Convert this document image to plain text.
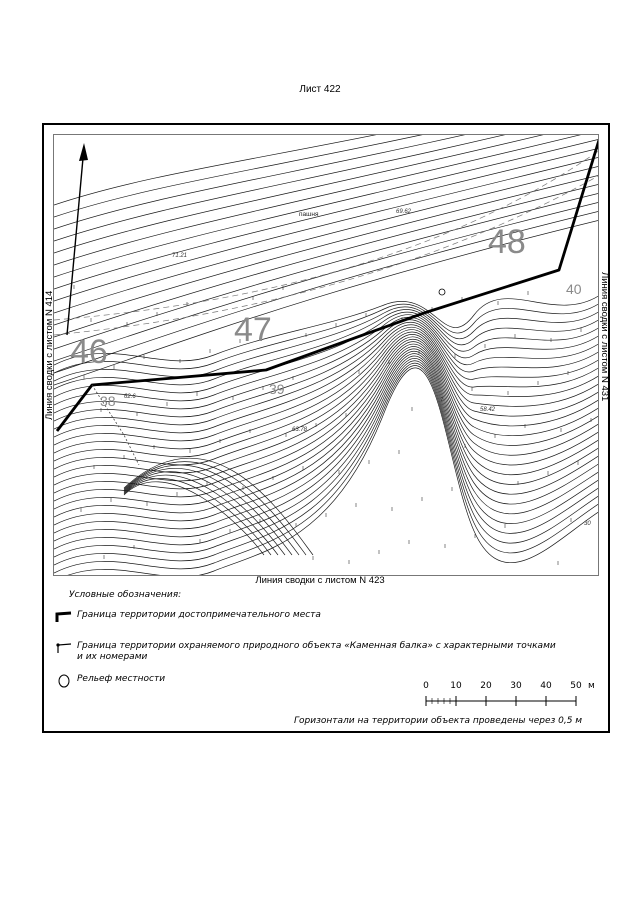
Лист 422
пашня
71.21
69.62
62.6
63.78
58.42
30
46
47
48
38
39
40
Линия сводки с листом N 414	Линия сводки с листом N 431
Линия сводки с листом N 423
Условные обозначения:
Граница территории достопримечательного места
Граница территории охраняемого природного объекта «Каменная балка» с характерными точками и их номерами
Рельеф местности
0 10 20 30 40 50 м
Горизонтали на территории объекта проведены через 0,5 м
